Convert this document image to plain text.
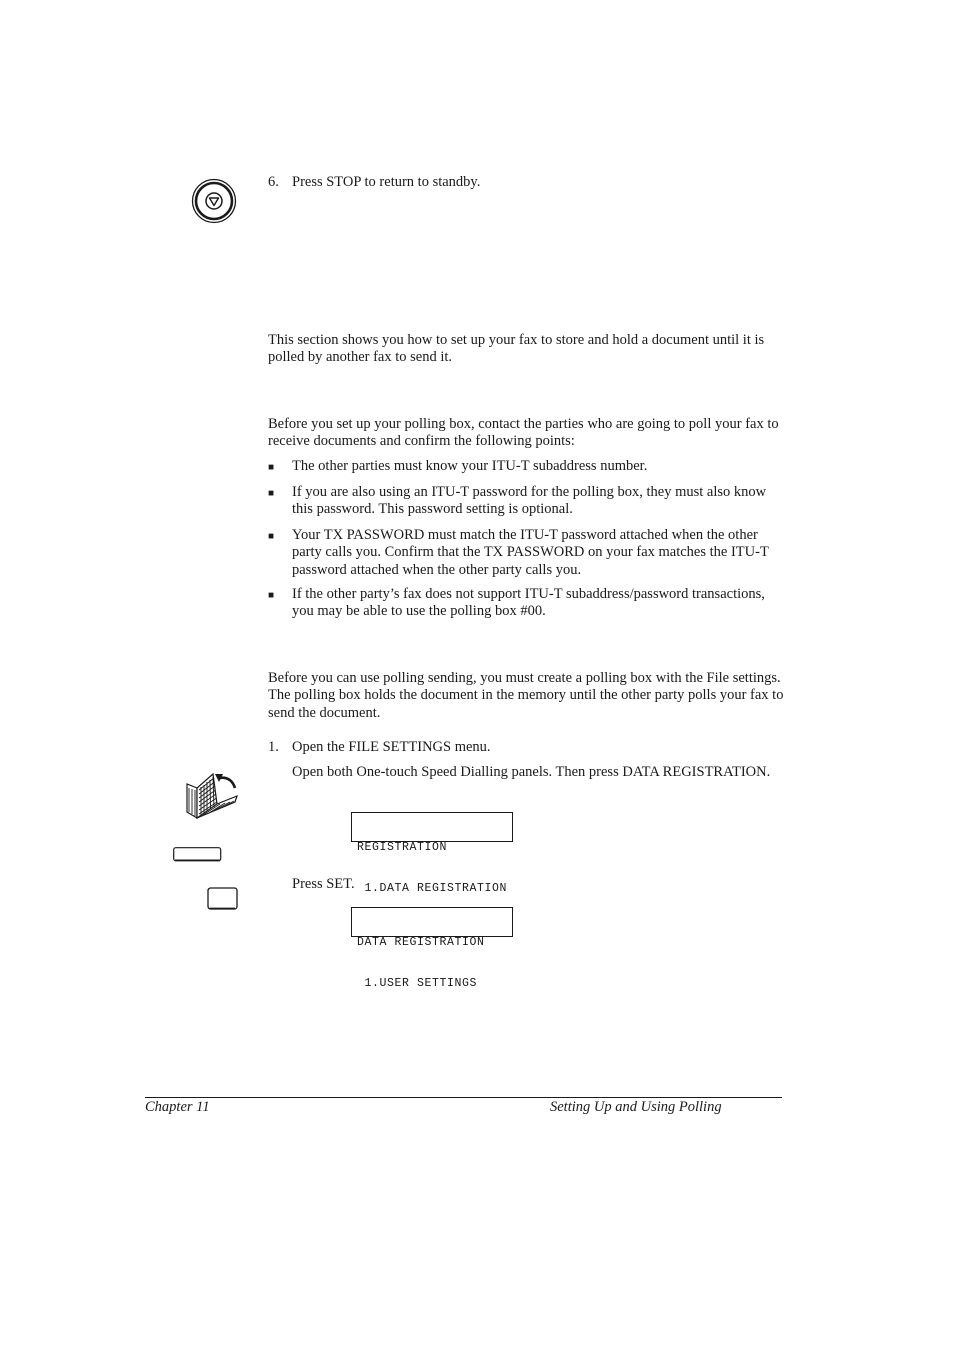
6. Press STOP to return to standby.

This section shows you how to set up your fax to store and hold a document until it is polled by another fax to send it.

Before you set up your polling box, contact the parties who are going to poll your fax to receive documents and confirm the following points:

■ The other parties must know your ITU-T subaddress number.
■ If you are also using an ITU-T password for the polling box, they must also know this password. This password setting is optional.
■ Your TX PASSWORD must match the ITU-T password attached when the other party calls you. Confirm that the TX PASSWORD on your fax matches the ITU-T password attached when the other party calls you.
■ If the other party’s fax does not support ITU-T subaddress/password transactions, you may be able to use the polling box #00.

Before you can use polling sending, you must create a polling box with the File settings. The polling box holds the document in the memory until the other party polls your fax to send the document.

1. Open the FILE SETTINGS menu.
Open both One-touch Speed Dialling panels. Then press DATA REGISTRATION.

REGISTRATION

1.DATA REGISTRATION

Press SET.

DATA REGISTRATION

1.USER SETTINGS

Chapter 11	Setting Up and Using Polling
